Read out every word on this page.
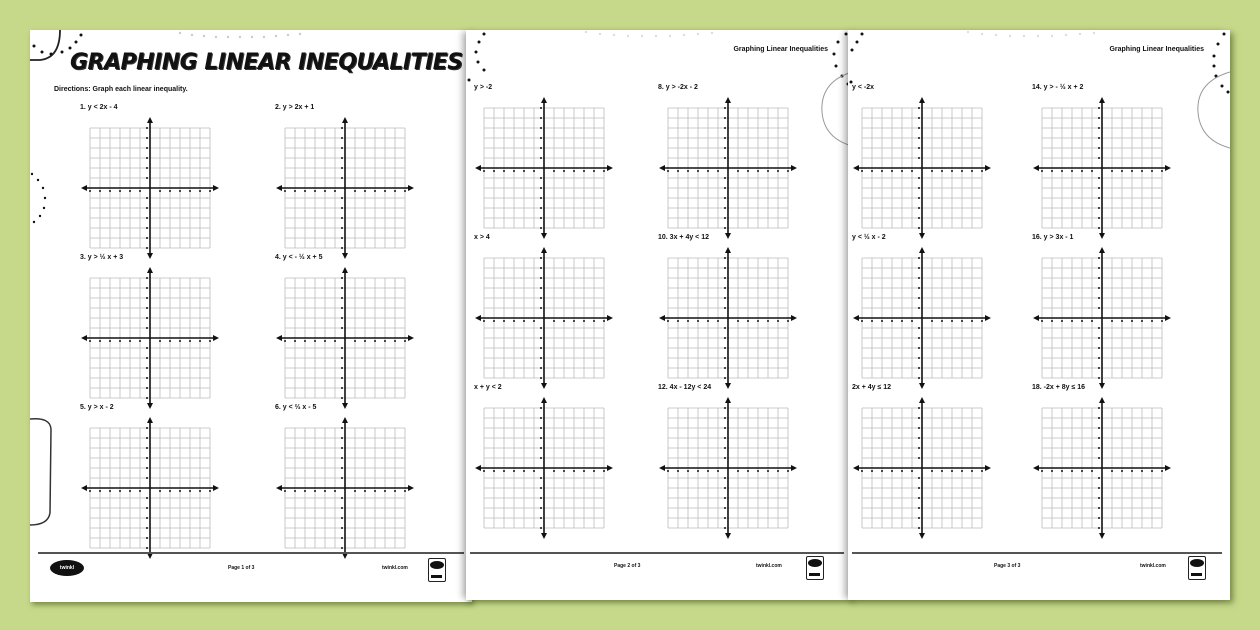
GRAPHING LINEAR INEQUALITIES
Directions: Graph each linear inequality.
1. y < 2x - 4	2. y > 2x + 1
3. y > ½ x + 3	4. y < - ½ x + 5
5. y > x - 2	6. y < ⅔ x - 5
twinkl	Page 1 of 3	twinkl.com
Graphing Linear Inequalities
y > -2	8. y > -2x - 2
x > 4	10. 3x + 4y < 12
x + y < 2	12. 4x - 12y < 24
Page 2 of 3	twinkl.com
Graphing Linear Inequalities
y < -2x	14. y > - ½ x + 2
y < ½ x - 2	16. y > 3x - 1
2x + 4y ≤ 12	18. -2x + 8y ≤ 16
Page 3 of 3	twinkl.com
